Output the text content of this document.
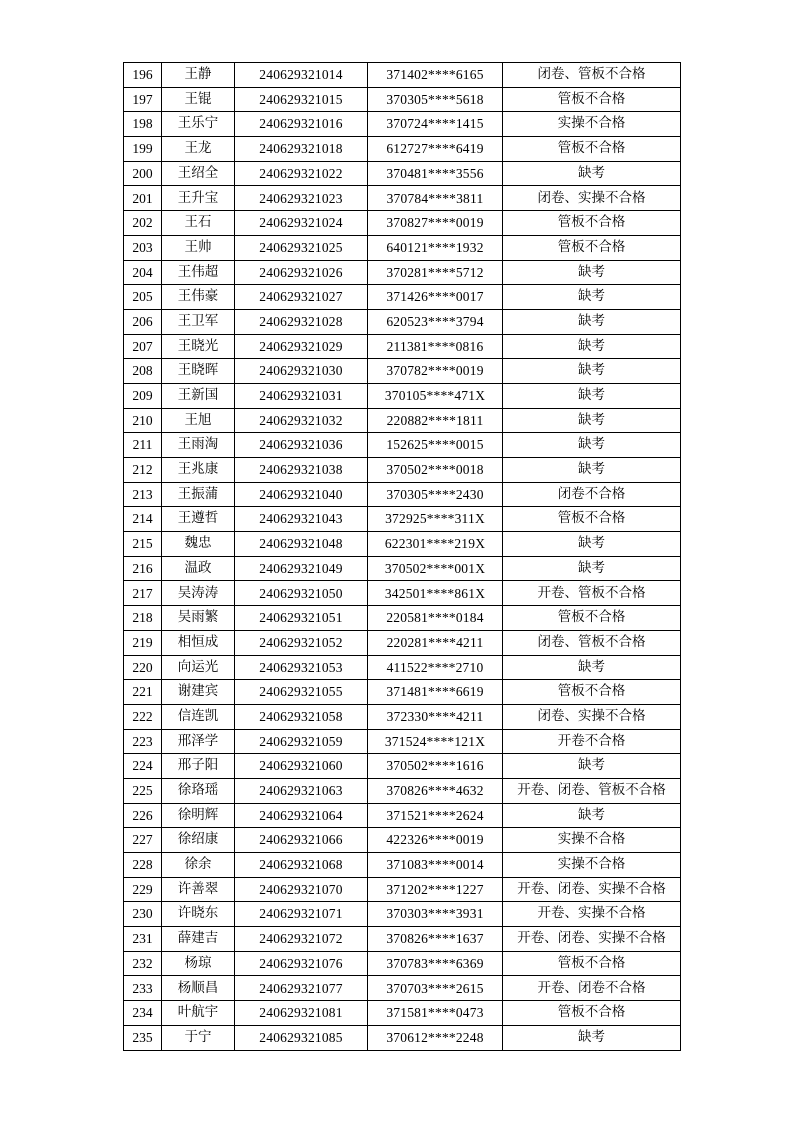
196	王静	240629321014	371402****6165	闭卷、管板不合格
197	王锟	240629321015	370305****5618	管板不合格
198	王乐宁	240629321016	370724****1415	实操不合格
199	王龙	240629321018	612727****6419	管板不合格
200	王绍全	240629321022	370481****3556	缺考
201	王升宝	240629321023	370784****3811	闭卷、实操不合格
202	王石	240629321024	370827****0019	管板不合格
203	王帅	240629321025	640121****1932	管板不合格
204	王伟超	240629321026	370281****5712	缺考
205	王伟豪	240629321027	371426****0017	缺考
206	王卫军	240629321028	620523****3794	缺考
207	王晓光	240629321029	211381****0816	缺考
208	王晓晖	240629321030	370782****0019	缺考
209	王新国	240629321031	370105****471X	缺考
210	王旭	240629321032	220882****1811	缺考
211	王雨淘	240629321036	152625****0015	缺考
212	王兆康	240629321038	370502****0018	缺考
213	王振蒲	240629321040	370305****2430	闭卷不合格
214	王遵哲	240629321043	372925****311X	管板不合格
215	魏忠	240629321048	622301****219X	缺考
216	温政	240629321049	370502****001X	缺考
217	吴涛涛	240629321050	342501****861X	开卷、管板不合格
218	吴雨繁	240629321051	220581****0184	管板不合格
219	相恒成	240629321052	220281****4211	闭卷、管板不合格
220	向运光	240629321053	411522****2710	缺考
221	谢建宾	240629321055	371481****6619	管板不合格
222	信连凯	240629321058	372330****4211	闭卷、实操不合格
223	邢泽学	240629321059	371524****121X	开卷不合格
224	邢子阳	240629321060	370502****1616	缺考
225	徐珞瑶	240629321063	370826****4632	开卷、闭卷、管板不合格
226	徐明辉	240629321064	371521****2624	缺考
227	徐绍康	240629321066	422326****0019	实操不合格
228	徐余	240629321068	371083****0014	实操不合格
229	许善翠	240629321070	371202****1227	开卷、闭卷、实操不合格
230	许晓东	240629321071	370303****3931	开卷、实操不合格
231	薛建吉	240629321072	370826****1637	开卷、闭卷、实操不合格
232	杨琼	240629321076	370783****6369	管板不合格
233	杨顺昌	240629321077	370703****2615	开卷、闭卷不合格
234	叶航宇	240629321081	371581****0473	管板不合格
235	于宁	240629321085	370612****2248	缺考
